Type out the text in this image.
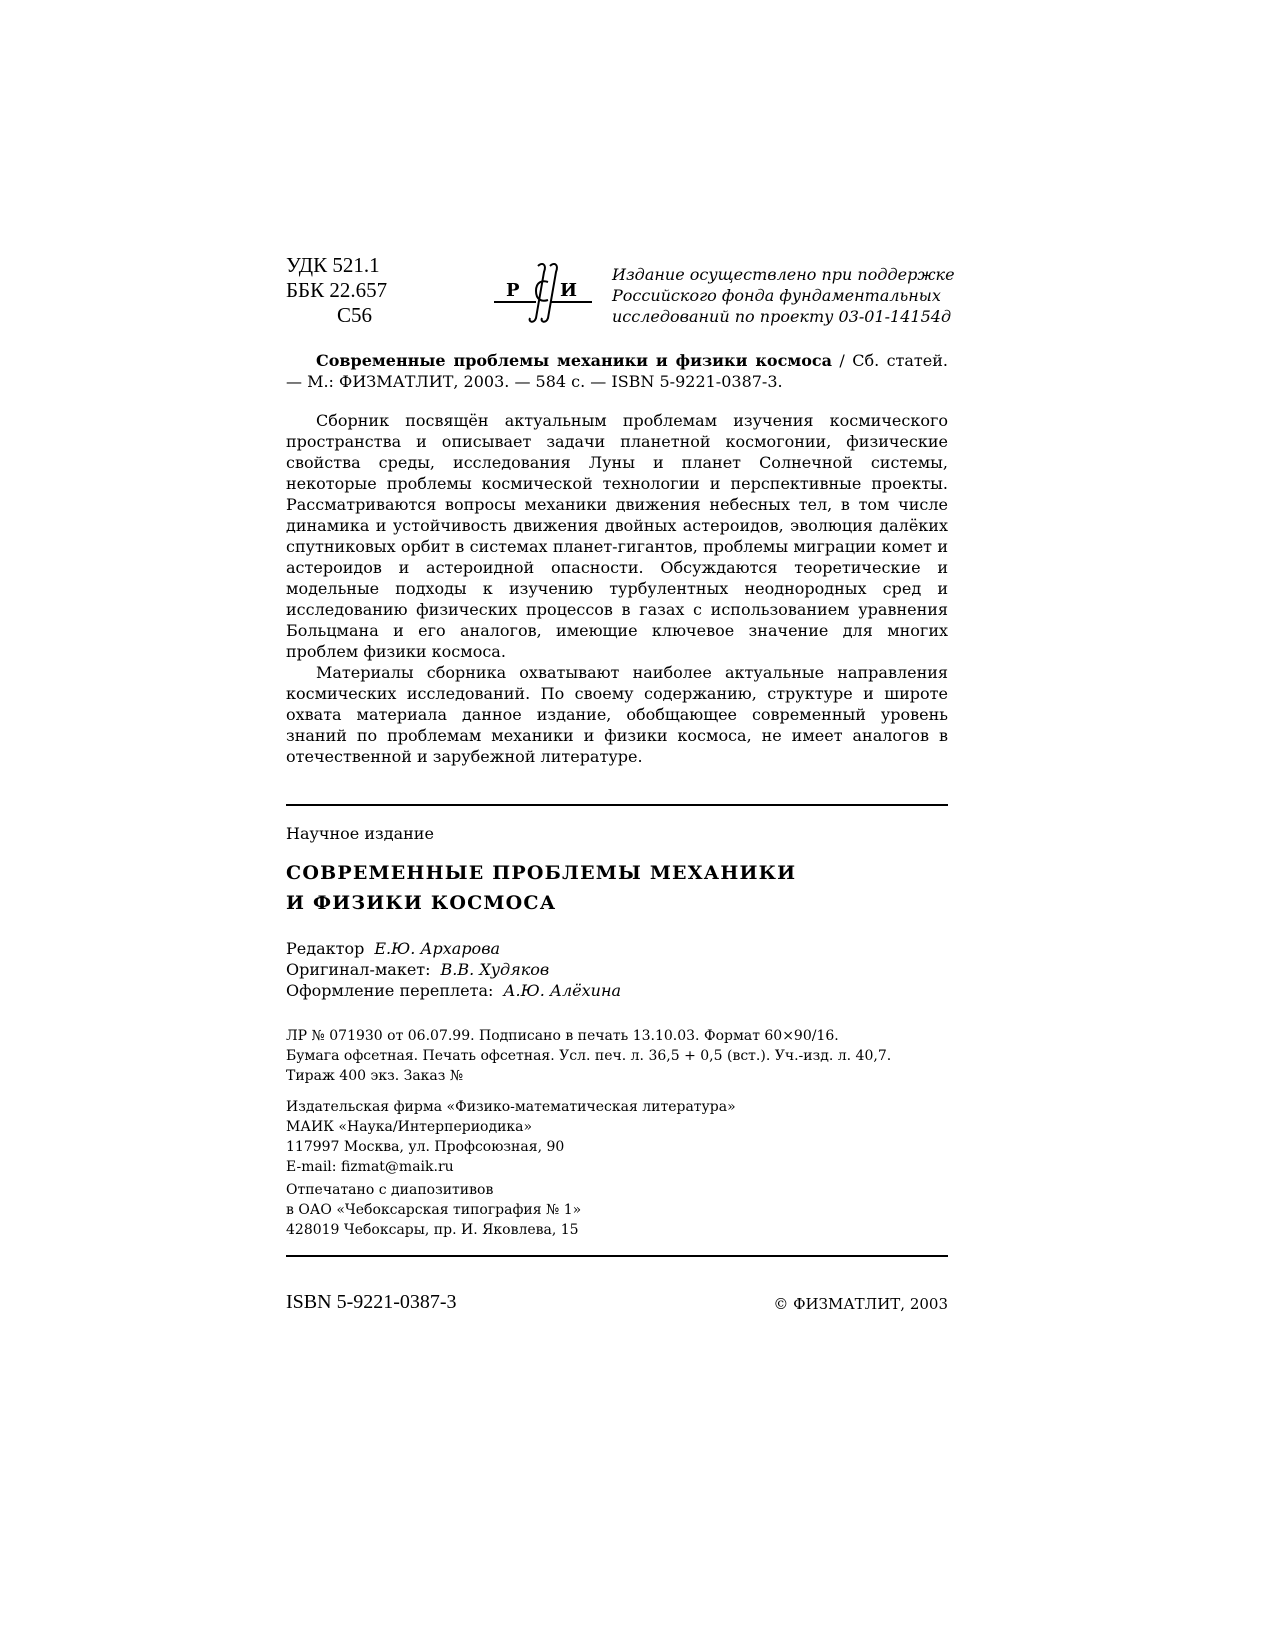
УДК 521.1
ББК 22.657
С56
Р И
Издание осуществлено при поддержке
Российского фонда фундаментальных
исследований по проекту 03-01-14154д
Современные проблемы механики и физики космоса / Сб. статей. — М.: ФИЗМАТЛИТ, 2003. — 584 с. — ISBN 5-9221-0387-3.

Сборник посвящён актуальным проблемам изучения космического пространства и описывает задачи планетной космогонии, физические свойства среды, исследования Луны и планет Солнечной системы, некоторые проблемы космической технологии и перспективные проекты. Рассматриваются вопросы механики движения небесных тел, в том числе динамика и устойчивость движения двойных астероидов, эволюция далёких спутниковых орбит в системах планет-гигантов, проблемы миграции комет и астероидов и астероидной опасности. Обсуждаются теоретические и модельные подходы к изучению турбулентных неоднородных сред и исследованию физических процессов в газах с использованием уравнения Больцмана и его аналогов, имеющие ключевое значение для многих проблем физики космоса.

Материалы сборника охватывают наиболее актуальные направления космических исследований. По своему содержанию, структуре и широте охвата материала данное издание, обобщающее современный уровень знаний по проблемам механики и физики космоса, не имеет аналогов в отечественной и зарубежной литературе.

Научное издание
СОВРЕМЕННЫЕ ПРОБЛЕМЫ МЕХАНИКИ
И ФИЗИКИ КОСМОСА
Редактор Е.Ю. Архарова
Оригинал-макет: В.В. Худяков
Оформление переплета: А.Ю. Алёхина
ЛР № 071930 от 06.07.99. Подписано в печать 13.10.03. Формат 60×90/16.
Бумага офсетная. Печать офсетная. Усл. печ. л. 36,5 + 0,5 (вст.). Уч.-изд. л. 40,7.
Тираж 400 экз. Заказ №
Издательская фирма «Физико-математическая литература»
МАИК «Наука/Интерпериодика»
117997 Москва, ул. Профсоюзная, 90
E-mail: fizmat@maik.ru
Отпечатано с диапозитивов
в ОАО «Чебоксарская типография № 1»
428019 Чебоксары, пр. И. Яковлева, 15
ISBN 5-9221-0387-3	© ФИЗМАТЛИТ, 2003
